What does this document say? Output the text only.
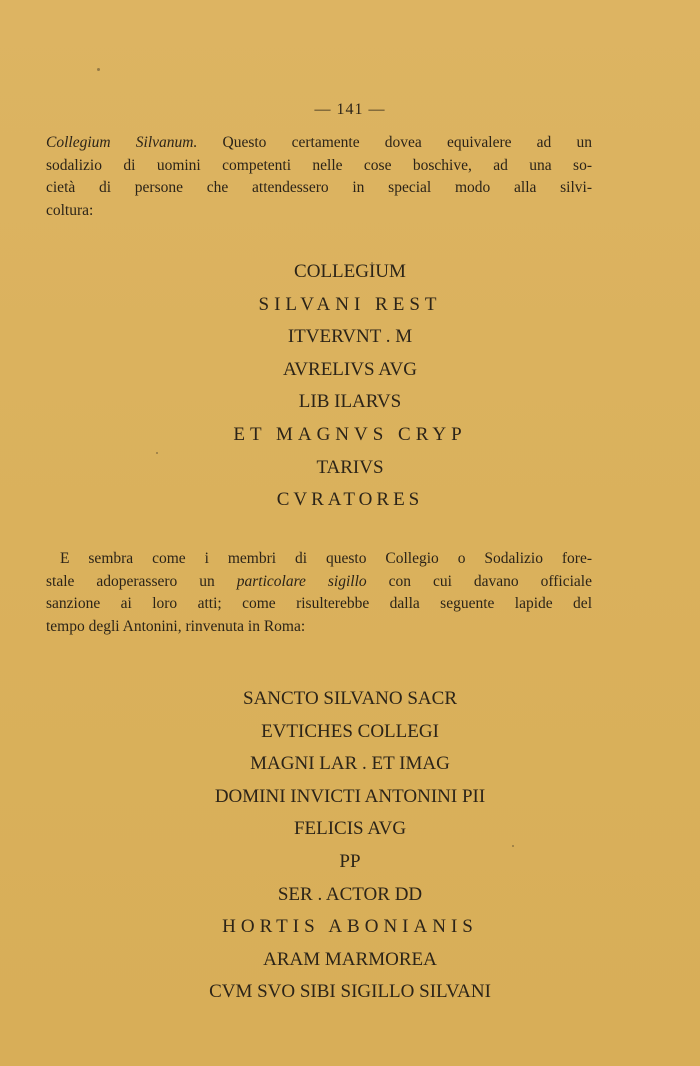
— 141 —
Collegium Silvanum. Questo certamente dovea equivalere ad un
sodalizio di uomini competenti nelle cose boschive, ad una so-
cietà di persone che attendessero in special modo alla silvi-
coltura:
COLLEGIUM
SILVANI REST
ITVERVNT . M
AVRELIVS AVG
LIB ILARVS
ET MAGNVS CRYP
TARIVS
CVRATORES
E sembra come i membri di questo Collegio o Sodalizio fore-
stale adoperassero un particolare sigillo con cui davano officiale
sanzione ai loro atti; come risulterebbe dalla seguente lapide del
tempo degli Antonini, rinvenuta in Roma:
SANCTO SILVANO SACR
EVTICHES COLLEGI
MAGNI LAR . ET IMAG
DOMINI INVICTI ANTONINI PII
FELICIS AVG
PP
SER . ACTOR DD
HORTIS ABONIANIS
ARAM MARMOREA
CVM SVO SIBI SIGILLO SILVANI
